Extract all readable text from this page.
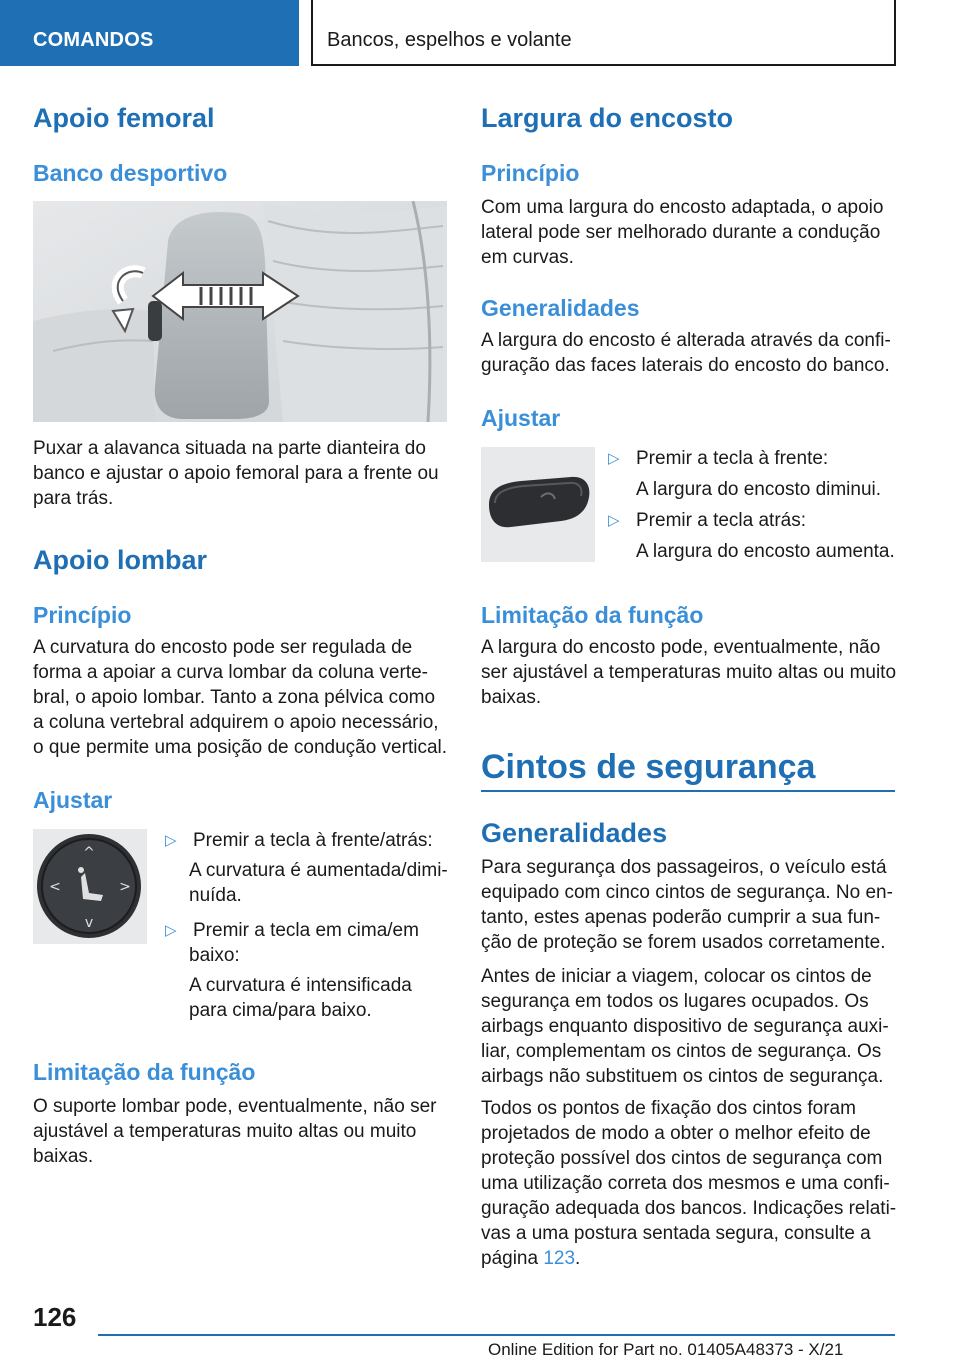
COMANDOS	Bancos, espelhos e volante
Apoio femoral
Banco desportivo
Puxar a alavanca situada na parte dianteira do
banco e ajustar o apoio femoral para a frente ou
para trás.
Apoio lombar
Princípio
A curvatura do encosto pode ser regulada de
forma a apoiar a curva lombar da coluna verte-
bral, o apoio lombar. Tanto a zona pélvica como
a coluna vertebral adquirem o apoio necessário,
o que permite uma posição de condução vertical.
Ajustar
^
v
<	>
▷ Premir a tecla à frente/atrás:
A curvatura é aumentada/dimi-
nuída.
▷ Premir a tecla em cima/em
baixo:
A curvatura é intensificada
para cima/para baixo.
Limitação da função
O suporte lombar pode, eventualmente, não ser
ajustável a temperaturas muito altas ou muito
baixas.
Largura do encosto
Princípio
Com uma largura do encosto adaptada, o apoio
lateral pode ser melhorado durante a condução
em curvas.
Generalidades
A largura do encosto é alterada através da confi-
guração das faces laterais do encosto do banco.
Ajustar
▷ Premir a tecla à frente:
A largura do encosto diminui.
▷ Premir a tecla atrás:
A largura do encosto aumenta.
Limitação da função
A largura do encosto pode, eventualmente, não
ser ajustável a temperaturas muito altas ou muito
baixas.
Cintos de segurança
Generalidades
Para segurança dos passageiros, o veículo está
equipado com cinco cintos de segurança. No en-
tanto, estes apenas poderão cumprir a sua fun-
ção de proteção se forem usados corretamente.
Antes de iniciar a viagem, colocar os cintos de
segurança em todos os lugares ocupados. Os
airbags enquanto dispositivo de segurança auxi-
liar, complementam os cintos de segurança. Os
airbags não substituem os cintos de segurança.
Todos os pontos de fixação dos cintos foram
projetados de modo a obter o melhor efeito de
proteção possível dos cintos de segurança com
uma utilização correta dos mesmos e uma confi-
guração adequada dos bancos. Indicações relati-
vas a uma postura sentada segura, consulte a
página 123.
126
Online Edition for Part no. 01405A48373 - X/21
